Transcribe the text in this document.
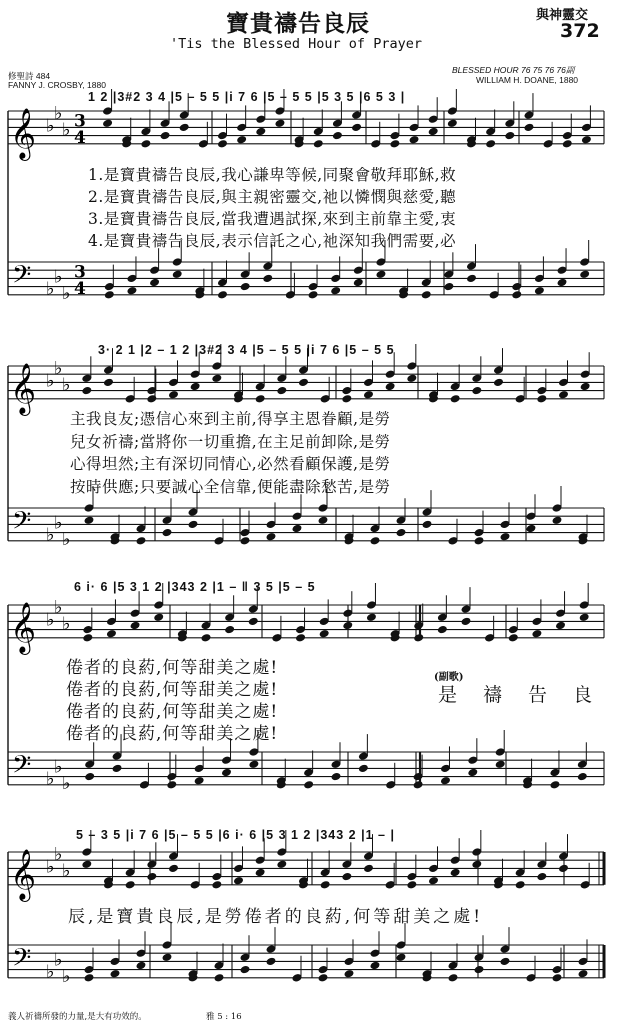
寶貴禱告良辰
'Tis the Blessed Hour of Prayer
與神靈交
372
修聖詩 484
FANNY J. CROSBY, 1880
BLESSED HOUR 76 75 76 76副
WILLIAM H. DOANE, 1880
𝄞
𝄢
♭
♭
♭
♭
♭
♭
3
4
3
4
𝄞
𝄢
♭
♭
♭
♭
♭
♭
𝄞
𝄢
♭
♭
♭
♭
♭
♭
𝄞
𝄢
♭
♭
♭
♭
♭
♭
1 2 |3#2 3 4 |5 – 5 5 |i 7 6 |5 – 5 5 |5 3 5 |6 5 3 |
3· 2 1 |2 – 1 2 |3#2 3 4 |5 – 5 5 |i 7 6 |5 – 5 5
6 i· 6 |5 3 1 2 |343 2 |1 – ‖ 3 5 |5 – 5
5 – 3 5 |i 7 6 |5 – 5 5 |6 i· 6 |5 3 1 2 |343 2 |1 – |
1.是寶貴禱告良辰,我心謙卑等候,同聚會敬拜耶穌,救
2.是寶貴禱告良辰,與主親密靈交,祂以憐憫與慈愛,聽
3.是寶貴禱告良辰,當我遭遇試探,來到主前靠主愛,衷
4.是寶貴禱告良辰,表示信託之心,祂深知我們需要,必
主我良友;憑信心來到主前,得享主恩眷顧,是勞
兒女祈禱;當將你一切重擔,在主足前卸除,是勞
心得坦然;主有深切同情心,必然看顧保護,是勞
按時供應;只要誠心全信靠,便能盡除愁苦,是勞
倦者的良葯,何等甜美之處!
倦者的良葯,何等甜美之處!
倦者的良葯,何等甜美之處!
倦者的良葯,何等甜美之處!
(副歌)
是禱告良
辰,是寶貴良辰,是勞倦者的良葯,何等甜美之處!
義人祈禱所發的力量,是大有功效的。	雅 5 : 16
